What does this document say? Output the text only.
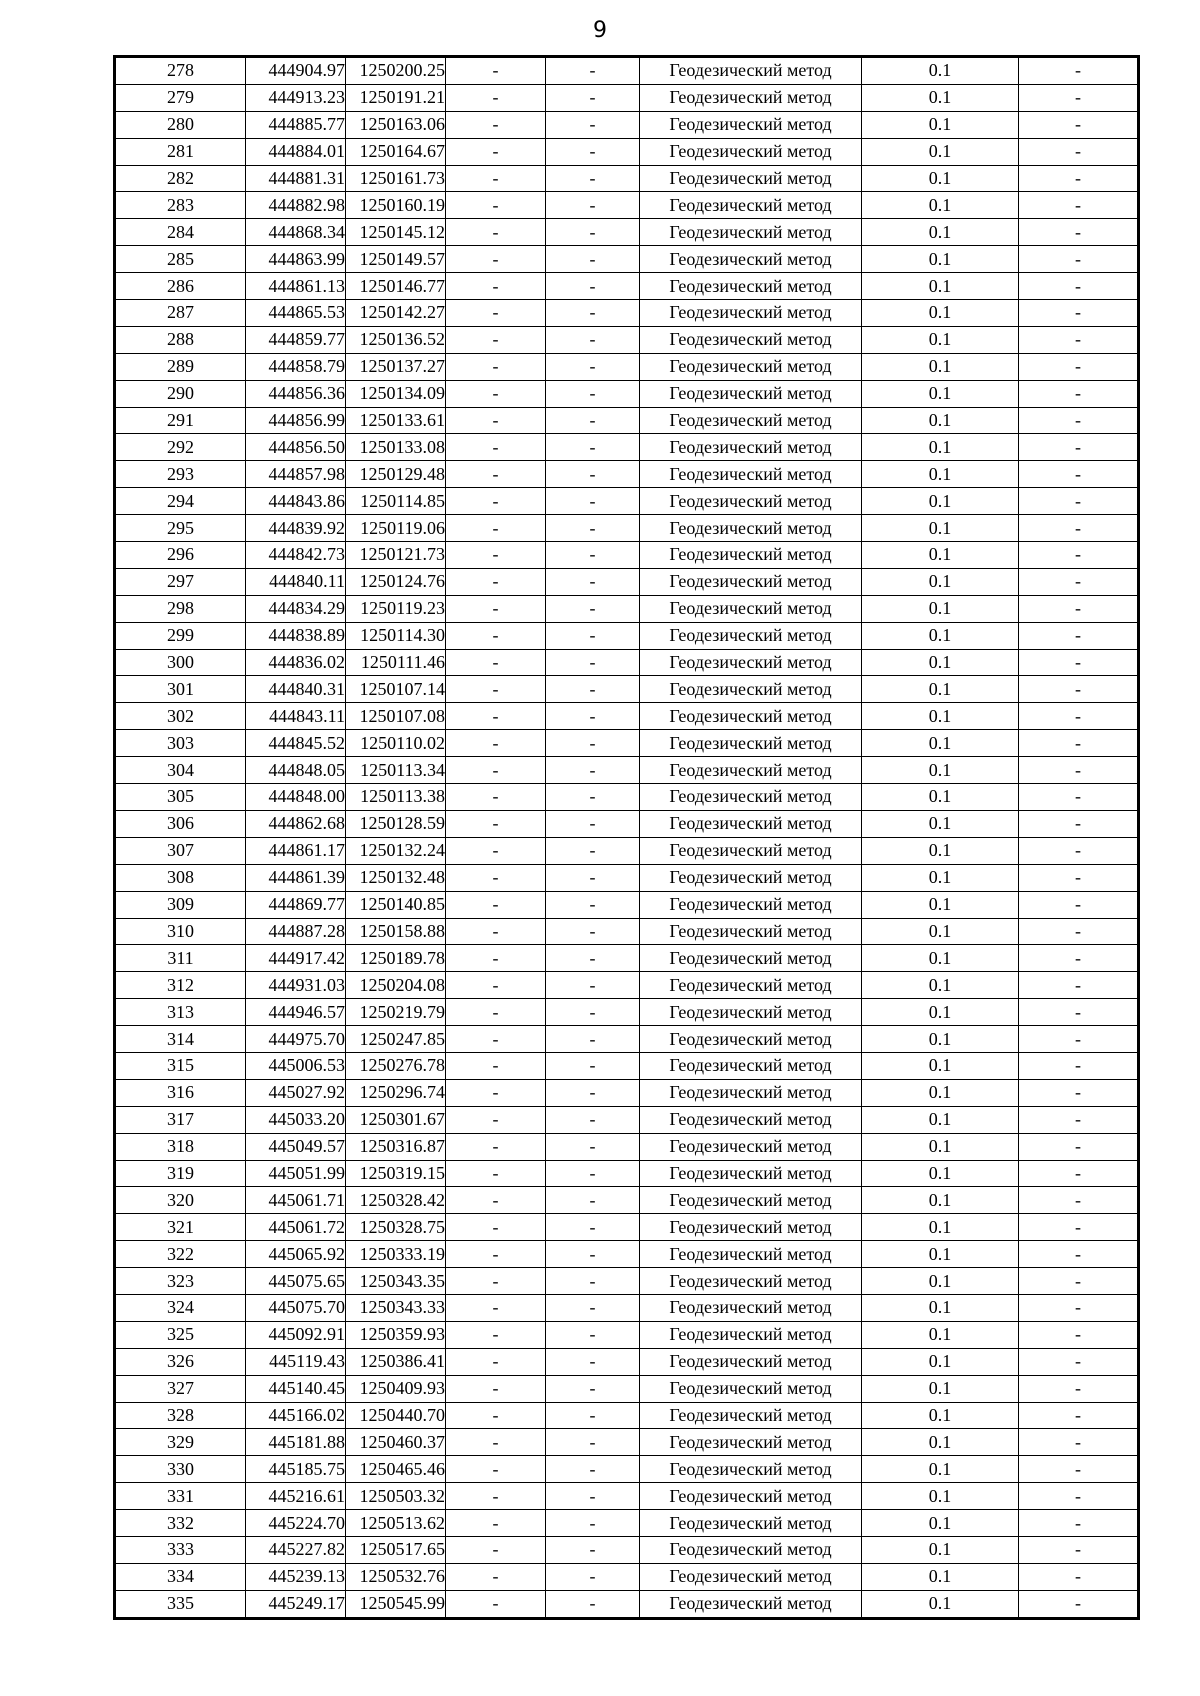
9
278	444904.97	1250200.25	-	-	Геодезический метод	0.1	-
279	444913.23	1250191.21	-	-	Геодезический метод	0.1	-
280	444885.77	1250163.06	-	-	Геодезический метод	0.1	-
281	444884.01	1250164.67	-	-	Геодезический метод	0.1	-
282	444881.31	1250161.73	-	-	Геодезический метод	0.1	-
283	444882.98	1250160.19	-	-	Геодезический метод	0.1	-
284	444868.34	1250145.12	-	-	Геодезический метод	0.1	-
285	444863.99	1250149.57	-	-	Геодезический метод	0.1	-
286	444861.13	1250146.77	-	-	Геодезический метод	0.1	-
287	444865.53	1250142.27	-	-	Геодезический метод	0.1	-
288	444859.77	1250136.52	-	-	Геодезический метод	0.1	-
289	444858.79	1250137.27	-	-	Геодезический метод	0.1	-
290	444856.36	1250134.09	-	-	Геодезический метод	0.1	-
291	444856.99	1250133.61	-	-	Геодезический метод	0.1	-
292	444856.50	1250133.08	-	-	Геодезический метод	0.1	-
293	444857.98	1250129.48	-	-	Геодезический метод	0.1	-
294	444843.86	1250114.85	-	-	Геодезический метод	0.1	-
295	444839.92	1250119.06	-	-	Геодезический метод	0.1	-
296	444842.73	1250121.73	-	-	Геодезический метод	0.1	-
297	444840.11	1250124.76	-	-	Геодезический метод	0.1	-
298	444834.29	1250119.23	-	-	Геодезический метод	0.1	-
299	444838.89	1250114.30	-	-	Геодезический метод	0.1	-
300	444836.02	1250111.46	-	-	Геодезический метод	0.1	-
301	444840.31	1250107.14	-	-	Геодезический метод	0.1	-
302	444843.11	1250107.08	-	-	Геодезический метод	0.1	-
303	444845.52	1250110.02	-	-	Геодезический метод	0.1	-
304	444848.05	1250113.34	-	-	Геодезический метод	0.1	-
305	444848.00	1250113.38	-	-	Геодезический метод	0.1	-
306	444862.68	1250128.59	-	-	Геодезический метод	0.1	-
307	444861.17	1250132.24	-	-	Геодезический метод	0.1	-
308	444861.39	1250132.48	-	-	Геодезический метод	0.1	-
309	444869.77	1250140.85	-	-	Геодезический метод	0.1	-
310	444887.28	1250158.88	-	-	Геодезический метод	0.1	-
311	444917.42	1250189.78	-	-	Геодезический метод	0.1	-
312	444931.03	1250204.08	-	-	Геодезический метод	0.1	-
313	444946.57	1250219.79	-	-	Геодезический метод	0.1	-
314	444975.70	1250247.85	-	-	Геодезический метод	0.1	-
315	445006.53	1250276.78	-	-	Геодезический метод	0.1	-
316	445027.92	1250296.74	-	-	Геодезический метод	0.1	-
317	445033.20	1250301.67	-	-	Геодезический метод	0.1	-
318	445049.57	1250316.87	-	-	Геодезический метод	0.1	-
319	445051.99	1250319.15	-	-	Геодезический метод	0.1	-
320	445061.71	1250328.42	-	-	Геодезический метод	0.1	-
321	445061.72	1250328.75	-	-	Геодезический метод	0.1	-
322	445065.92	1250333.19	-	-	Геодезический метод	0.1	-
323	445075.65	1250343.35	-	-	Геодезический метод	0.1	-
324	445075.70	1250343.33	-	-	Геодезический метод	0.1	-
325	445092.91	1250359.93	-	-	Геодезический метод	0.1	-
326	445119.43	1250386.41	-	-	Геодезический метод	0.1	-
327	445140.45	1250409.93	-	-	Геодезический метод	0.1	-
328	445166.02	1250440.70	-	-	Геодезический метод	0.1	-
329	445181.88	1250460.37	-	-	Геодезический метод	0.1	-
330	445185.75	1250465.46	-	-	Геодезический метод	0.1	-
331	445216.61	1250503.32	-	-	Геодезический метод	0.1	-
332	445224.70	1250513.62	-	-	Геодезический метод	0.1	-
333	445227.82	1250517.65	-	-	Геодезический метод	0.1	-
334	445239.13	1250532.76	-	-	Геодезический метод	0.1	-
335	445249.17	1250545.99	-	-	Геодезический метод	0.1	-
